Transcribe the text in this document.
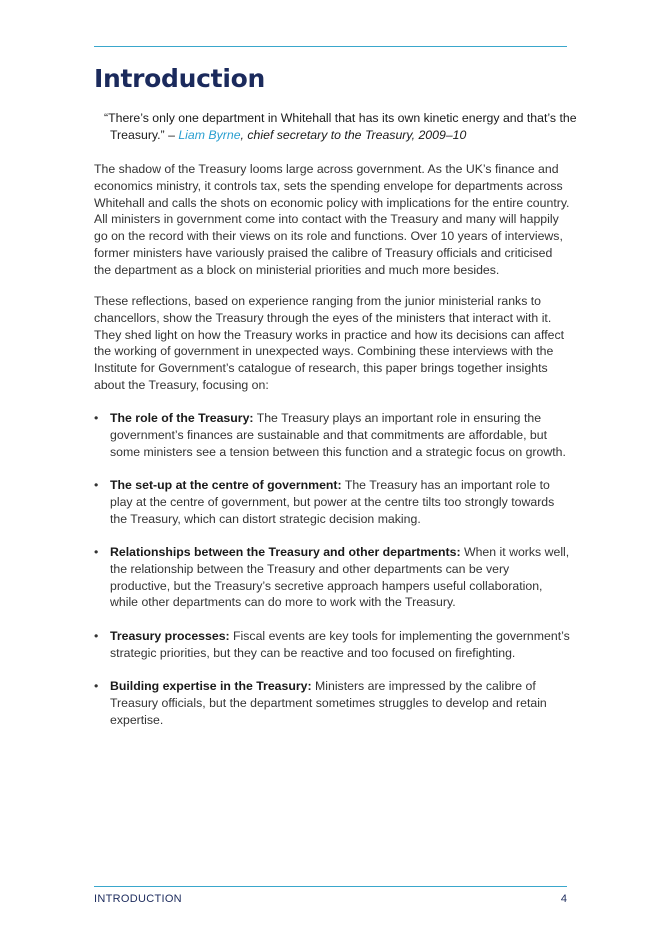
Introduction
“There’s only one department in Whitehall that has its own kinetic energy and that’s the Treasury.” – Liam Byrne, chief secretary to the Treasury, 2009–10

The shadow of the Treasury looms large across government. As the UK’s finance and economics ministry, it controls tax, sets the spending envelope for departments across Whitehall and calls the shots on economic policy with implications for the entire country. All ministers in government come into contact with the Treasury and many will happily go on the record with their views on its role and functions. Over 10 years of interviews, former ministers have variously praised the calibre of Treasury officials and criticised the department as a block on ministerial priorities and much more besides.

These reflections, based on experience ranging from the junior ministerial ranks to chancellors, show the Treasury through the eyes of the ministers that interact with it. They shed light on how the Treasury works in practice and how its decisions can affect the working of government in unexpected ways. Combining these interviews with the Institute for Government’s catalogue of research, this paper brings together insights about the Treasury, focusing on:

• The role of the Treasury: The Treasury plays an important role in ensuring the government’s finances are sustainable and that commitments are affordable, but some ministers see a tension between this function and a strategic focus on growth.
• The set-up at the centre of government: The Treasury has an important role to play at the centre of government, but power at the centre tilts too strongly towards the Treasury, which can distort strategic decision making.
• Relationships between the Treasury and other departments: When it works well, the relationship between the Treasury and other departments can be very productive, but the Treasury’s secretive approach hampers useful collaboration, while other departments can do more to work with the Treasury.
• Treasury processes: Fiscal events are key tools for implementing the government’s strategic priorities, but they can be reactive and too focused on firefighting.
• Building expertise in the Treasury: Ministers are impressed by the calibre of Treasury officials, but the department sometimes struggles to develop and retain expertise.
INTRODUCTION	4
